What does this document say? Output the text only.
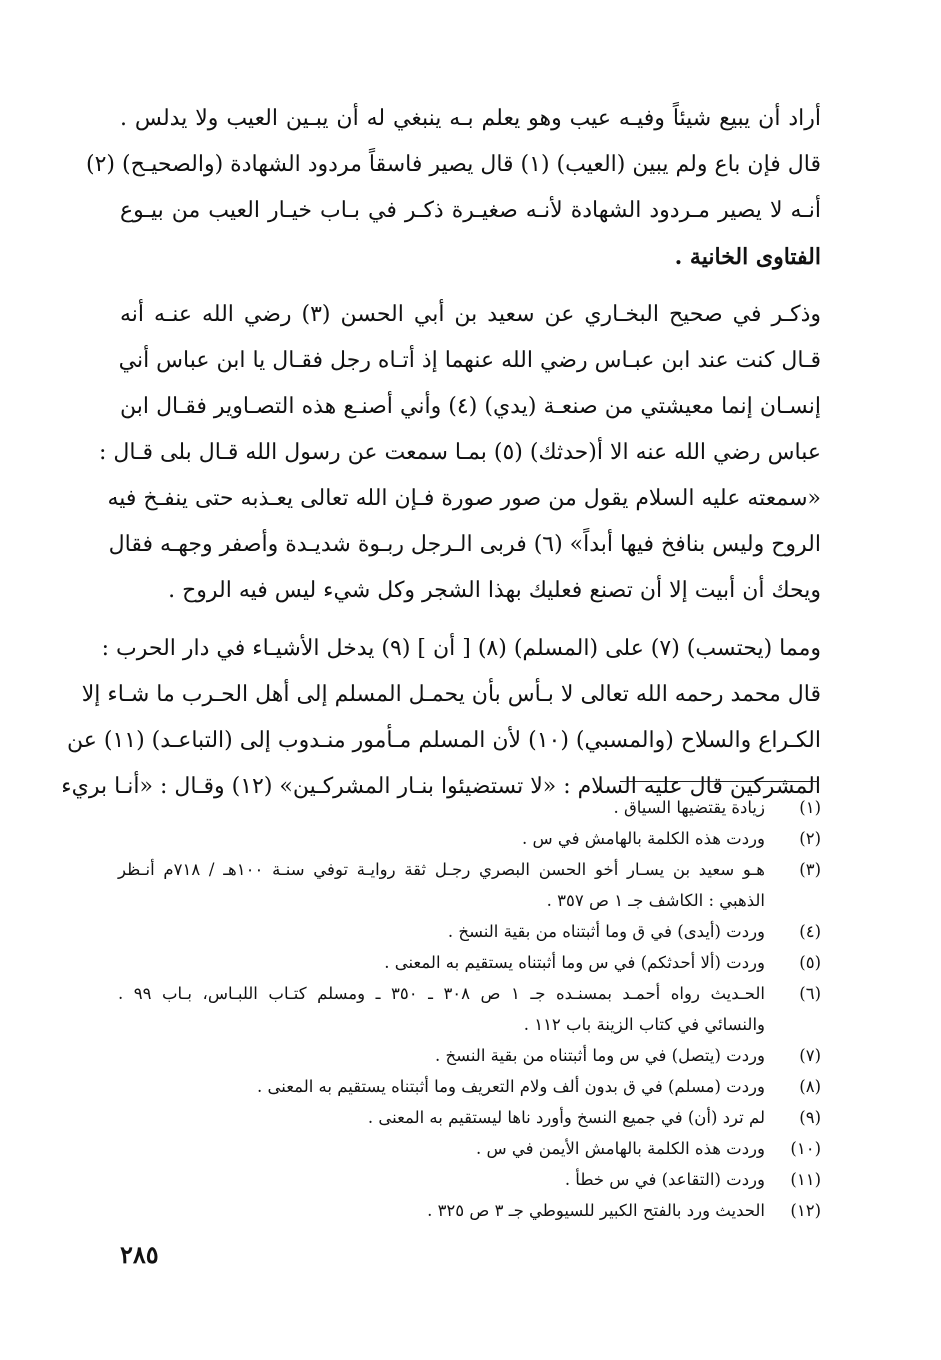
أراد أن يبيع شيئاً وفيـه عيب وهو يعلم بـه ينبغي له أن يبـين العيب ولا يدلس .
قال فإن باع ولم يبين (العيب) (١) قال يصير فاسقاً مردود الشهادة (والصحيـح) (٢)
أنـه لا يصير مـردود الشهادة لأنـه صغيـرة ذكـر في بـاب خيـار العيب من بيـوع
الفتاوى الخانية .
وذكـر في صحيح البخـاري عن سعيد بن أبي الحسن (٣) رضي الله عنـه أنه
قـال كنت عند ابن عبـاس رضي الله عنهما إذ أتـاه رجل فقـال يا ابن عباس أني
إنسـان إنما معيشتي من صنعـة (يدي) (٤) وأني أصنـع هذه التصـاوير فقـال ابن
عباس رضي الله عنه الا أ(حدثك) (٥) بمـا سمعت عن رسول الله قـال بلى قـال :
«سمعته عليه السلام يقول من صور صورة فـإن الله تعالى يعـذبه حتى ينفـخ فيه
الروح وليس بنافخ فيها أبداً» (٦) فربى الـرجل ربـوة شديـدة وأصفر وجهـه فقال
ويحك أن أبيت إلا أن تصنع فعليك بهذا الشجر وكل شيء ليس فيه الروح .
ومما (يحتسب) (٧) على (المسلم) (٨) [ أن ] (٩) يدخل الأشيـاء في دار الحرب :
قال محمد رحمه الله تعالى لا بـأس بأن يحمـل المسلم إلى أهل الحـرب ما شـاء إلا
الكـراع والسلاح (والمسبي) (١٠) لأن المسلم مـأمور منـدوب إلى (التباعـد) (١١) عن
المشركين قال عليه السلام : «لا تستضيئوا بنـار المشركـين» (١٢) وقـال : «أنـا بريء
(١)
زيادة يقتضيها السياق .
(٢)
وردت هذه الكلمة بالهامش في س .
(٣)
هـو سعيد بن يسـار أخو الحسن البصري رجـل ثقة روايـة توفي سنـة ١٠٠هـ / ٧١٨م أنـظر
الذهبي : الكاشف جـ ١ ص ٣٥٧ .
(٤)
وردت (أيدى) في ق وما أثبتناه من بقية النسخ .
(٥)
وردت (ألا أحدثكم) في س وما أثبتناه يستقيم به المعنى .
(٦)
الحـديث رواه أحمـد بمسنـده جـ ١ ص ٣٠٨ ـ ٣٥٠ ـ ومسلم كتـاب اللبـاس، بـاب ٩٩ .
والنسائي في كتاب الزينة باب ١١٢ .
(٧)
وردت (يتصل) في س وما أثبتناه من بقية النسخ .
(٨)
وردت (مسلم) في ق بدون ألف ولام التعريف وما أثبتناه يستقيم به المعنى .
(٩)
لم ترد (أن) في جميع النسخ وأورد ناها ليستقيم به المعنى .
(١٠)
وردت هذه الكلمة بالهامش الأيمن في س .
(١١)
وردت (التقاعد) في س خطأ .
(١٢)
الحديث ورد بالفتح الكبير للسيوطي جـ ٣ ص ٣٢٥ .
٢٨٥
